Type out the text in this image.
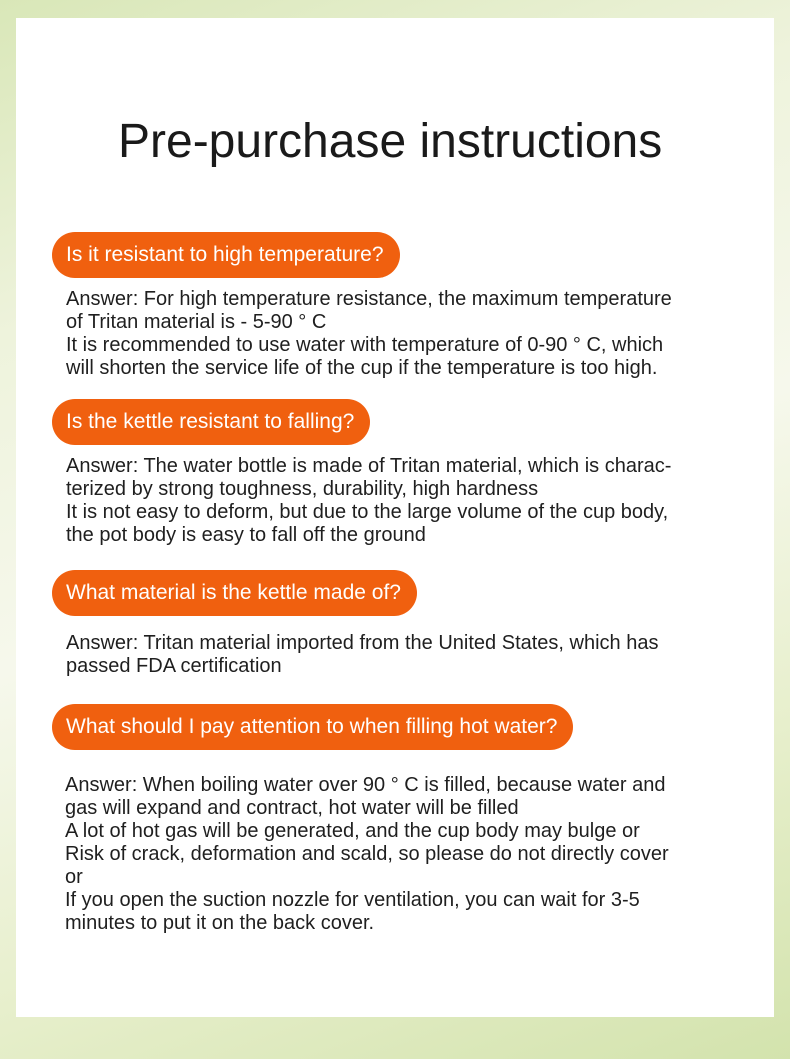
Pre-purchase instructions
Is it resistant to high temperature?
Answer: For high temperature resistance, the maximum temperature
of Tritan material is - 5-90 ° C
It is recommended to use water with temperature of 0-90 ° C, which
will shorten the service life of the cup if the temperature is too high.
Is the kettle resistant to falling?
Answer: The water bottle is made of Tritan material, which is charac-
terized by strong toughness, durability, high hardness
It is not easy to deform, but due to the large volume of the cup body,
the pot body is easy to fall off the ground
What material is the kettle made of?
Answer: Tritan material imported from the United States, which has
passed FDA certification
What should I pay attention to when filling hot water?
Answer: When boiling water over 90 ° C is filled, because water and
gas will expand and contract, hot water will be filled
A lot of hot gas will be generated, and the cup body may bulge or
Risk of crack, deformation and scald, so please do not directly cover
or
If you open the suction nozzle for ventilation, you can wait for 3-5
minutes to put it on the back cover.
